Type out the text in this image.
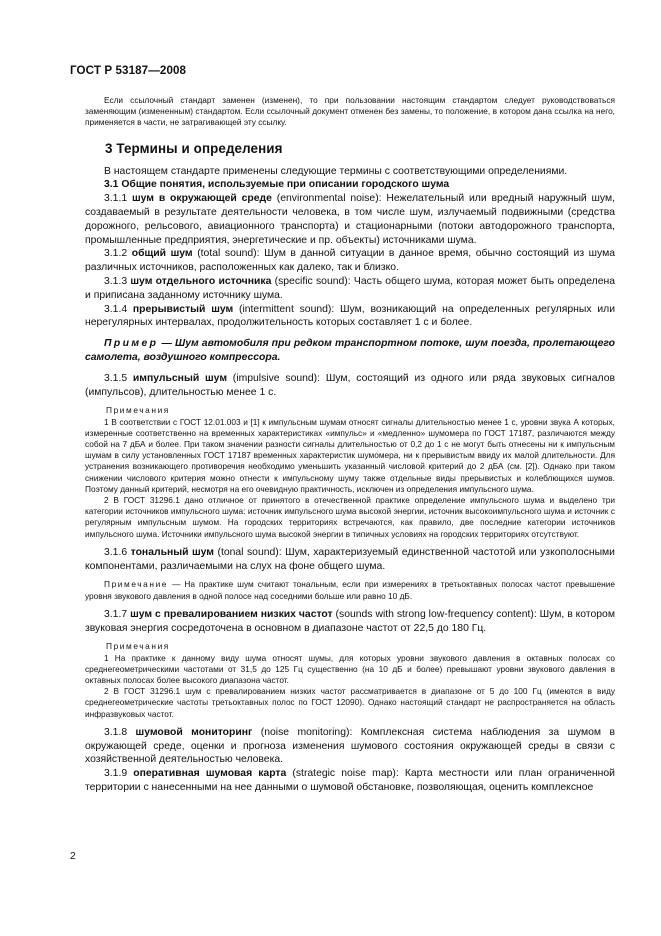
ГОСТ Р 53187—2008

Если ссылочный стандарт заменен (изменен), то при пользовании настоящим стандартом следует руководствоваться заменяющим (измененным) стандартом. Если ссылочный документ отменен без замены, то положение, в котором дана ссылка на него, применяется в части, не затрагивающей эту ссылку.

3 Термины и определения

В настоящем стандарте применены следующие термины с соответствующими определениями.

3.1 Общие понятия, используемые при описании городского шума

3.1.1 шум в окружающей среде (environmental noise): Нежелательный или вредный наружный шум, создаваемый в результате деятельности человека, в том числе шум, излучаемый подвижными (средства дорожного, рельсового, авиационного транспорта) и стационарными (потоки автодорожного транспорта, промышленные предприятия, энергетические и пр. объекты) источниками шума.

3.1.2 общий шум (total sound): Шум в данной ситуации в данное время, обычно состоящий из шума различных источников, расположенных как далеко, так и близко.

3.1.3 шум отдельного источника (specific sound): Часть общего шума, которая может быть определена и приписана заданному источнику шума.

3.1.4 прерывистый шум (intermittent sound): Шум, возникающий на определенных регулярных или нерегулярных интервалах, продолжительность которых составляет 1 с и более.

Пример — Шум автомобиля при редком транспортном потоке, шум поезда, пролетающего самолета, воздушного компрессора.

3.1.5 импульсный шум (impulsive sound): Шум, состоящий из одного или ряда звуковых сигналов (импульсов), длительностью менее 1 с.

Примечания

1 В соответствии с ГОСТ 12.01.003 и [1] к импульсным шумам относят сигналы длительностью менее 1 с, уровни звука А которых, измеренные соответственно на временных характеристиках «импульс» и «медленно» шумомера по ГОСТ 17187, различаются между собой на 7 дБА и более. При таком значении разности сигналы длительностью от 0,2 до 1 с не могут быть отнесены ни к импульсным шумам в силу установленных ГОСТ 17187 временных характеристик шумомера, ни к прерывистым ввиду их малой длительности. Для устранения возникающего противоречия необходимо уменьшить указанный числовой критерий до 2 дБА (см. [2]). Однако при таком снижении числового критерия можно отнести к импульсному шуму также отдельные виды прерывистых и колеблющихся шумов. Поэтому данный критерий, несмотря на его очевидную практичность, исключен из определения импульсного шума.

2 В ГОСТ 31296.1 дано отличное от принятого в отечественной практике определение импульсного шума и выделено три категории источников импульсного шума: источник импульсного шума высокой энергии, источник высокоимпульсного шума и источник с регулярным импульсным шумом. На городских территориях встречаются, как правило, две последние категории источников импульсного шума. Источники импульсного шума высокой энергии в типичных условиях на городских территориях отсутствуют.

3.1.6 тональный шум (tonal sound): Шум, характеризуемый единственной частотой или узкополосными компонентами, различаемыми на слух на фоне общего шума.

Примечание — На практике шум считают тональным, если при измерениях в третьоктавных полосах частот превышение уровня звукового давления в одной полосе над соседними больше или равно 10 дБ.

3.1.7 шум с превалированием низких частот (sounds with strong low-frequency content): Шум, в котором звуковая энергия сосредоточена в основном в диапазоне частот от 22,5 до 180 Гц.

Примечания

1 На практике к данному виду шума относят шумы, для которых уровни звукового давления в октавных полосах со среднегеометрическими частотами от 31,5 до 125 Гц существенно (на 10 дБ и более) превышают уровни звукового давления в октавных полосах более высокого диапазона частот.

2 В ГОСТ 31296.1 шум с превалированием низких частот рассматривается в диапазоне от 5 до 100 Гц (имеются в виду среднегеометрические частоты третьоктавных полос по ГОСТ 12090). Однако настоящий стандарт не распространяется на область инфразвуковых частот.

3.1.8 шумовой мониторинг (noise monitoring): Комплексная система наблюдения за шумом в окружающей среде, оценки и прогноза изменения шумового состояния окружающей среды в связи с хозяйственной деятельностью человека.

3.1.9 оперативная шумовая карта (strategic noise map): Карта местности или план ограниченной территории с нанесенными на нее данными о шумовой обстановке, позволяющая, оценить комплексное

2
